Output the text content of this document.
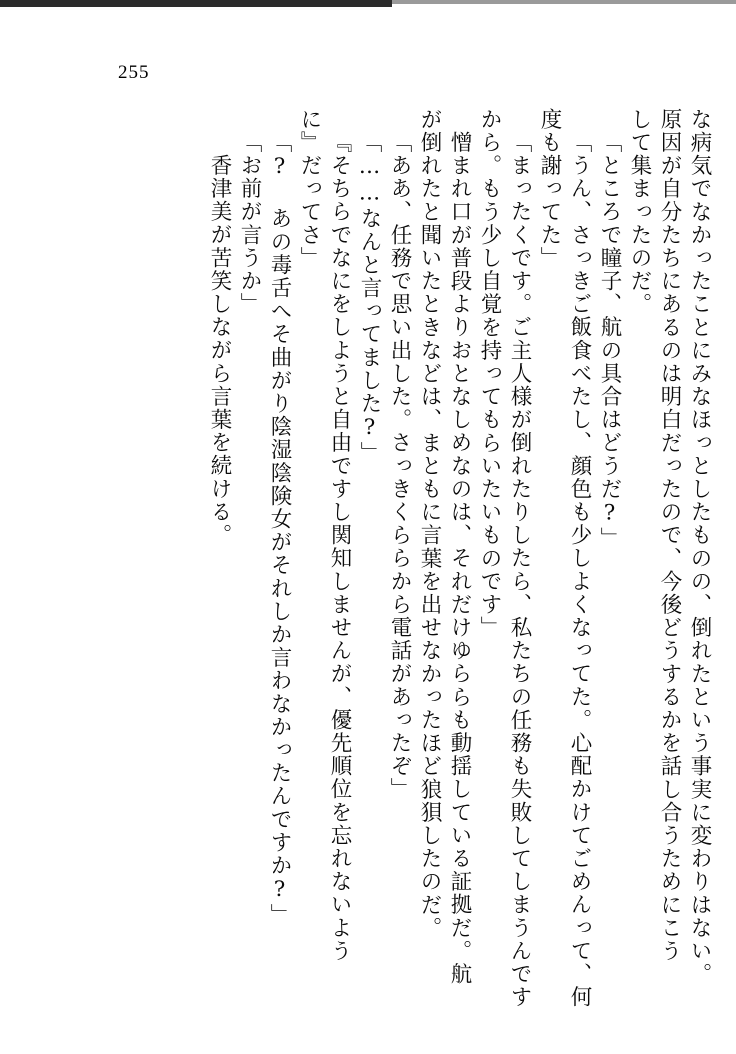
255
な病気でなかったことにみなほっとしたものの、倒れたという事実に変わりはない。
原因が自分たちにあるのは明白だったので、今後どうするかを話し合うためにこう
して集まったのだ。
「ところで瞳子、航の具合はどうだ?」
「うん、さっきご飯食べたし、顔色も少しよくなってた。心配かけてごめんって、何
度も謝ってた」
「まったくです。ご主人様が倒れたりしたら、私たちの任務も失敗してしまうんです
から。もう少し自覚を持ってもらいたいものです」
憎まれ口が普段よりおとなしめなのは、それだけゆららも動揺している証拠だ。航
が倒れたと聞いたときなどは、まともに言葉を出せなかったほど狼狽したのだ。
「ああ、任務で思い出した。さっきくららから電話があったぞ」
「……なんと言ってました?」
『そちらでなにをしようと自由ですし関知しませんが、優先順位を忘れないよう
に』だってさ」
「? あの毒舌へそ曲がり陰湿陰険女がそれしか言わなかったんですか?」
「お前が言うか」
香津美が苦笑しながら言葉を続ける。
